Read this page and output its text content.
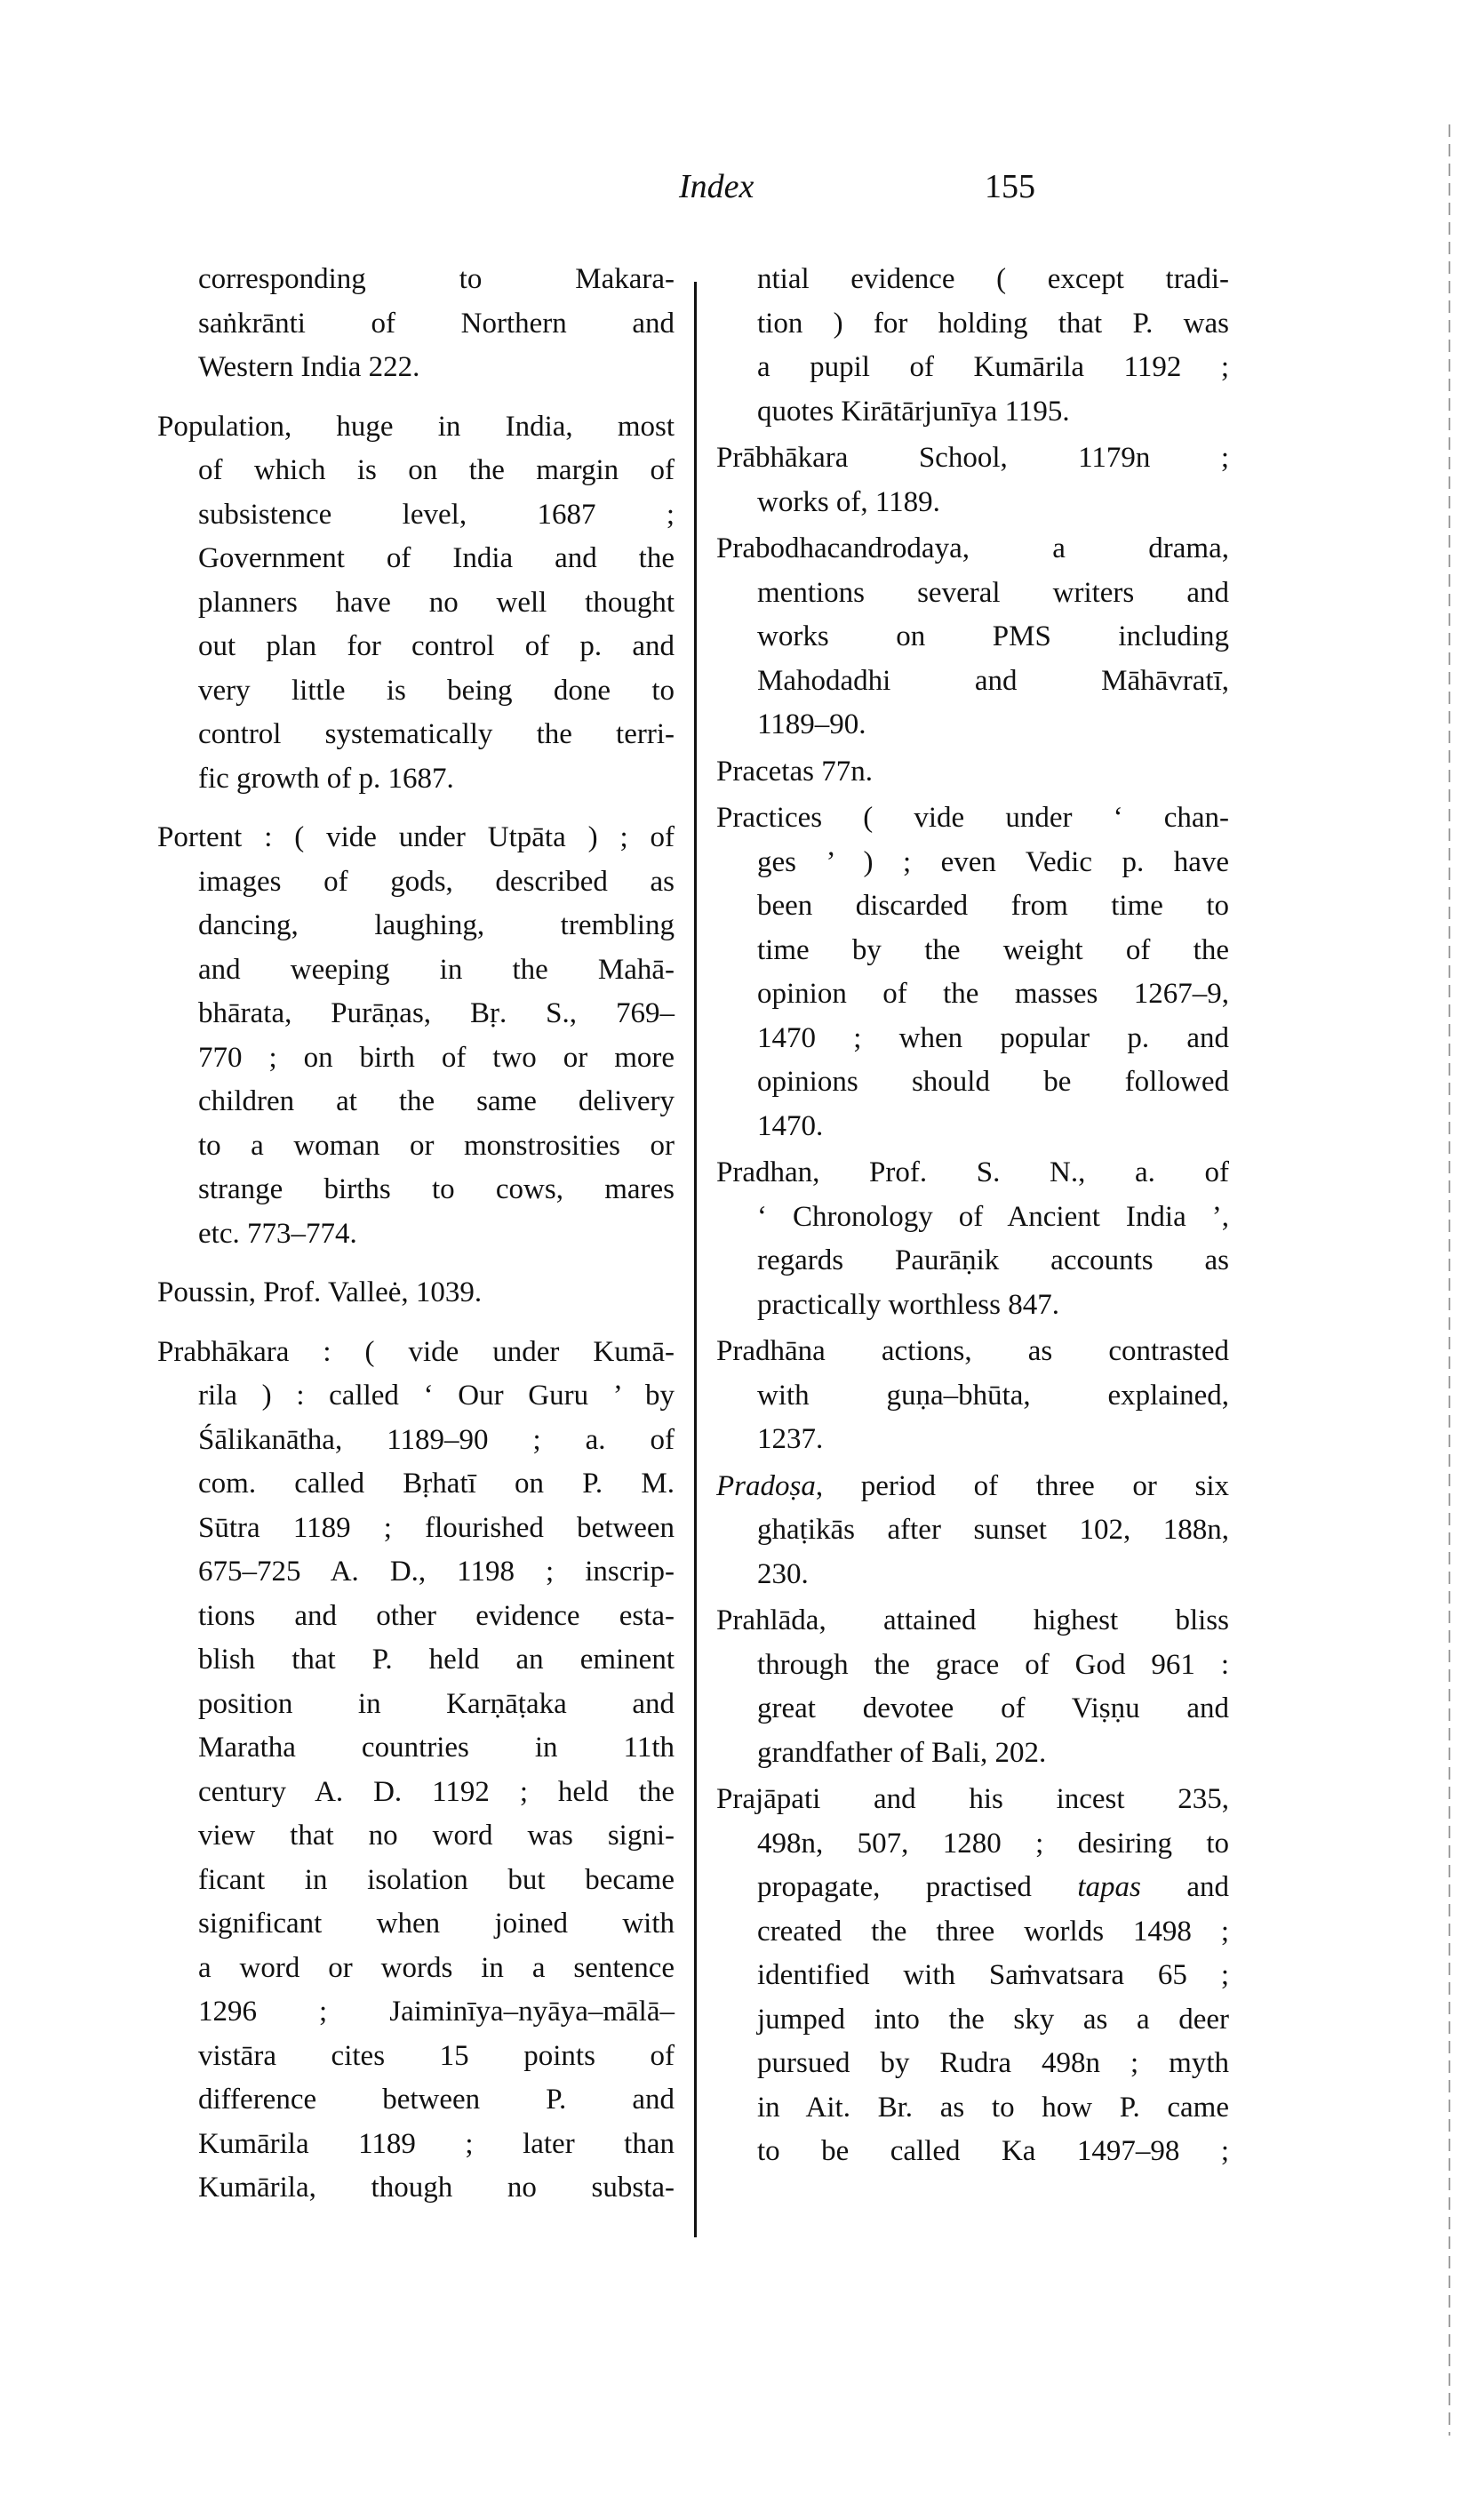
Index	155
corresponding to Makara-
saṅkrānti of Northern and
Western India 222.
Population, huge in India, most
of which is on the margin of
subsistence level, 1687 ;
Government of India and the
planners have no well thought
out plan for control of p. and
very little is being done to
control systematically the terri-
fic growth of p. 1687.
Portent : ( vide under Utpāta ) ; of
images of gods, described as
dancing, laughing, trembling
and weeping in the Mahā-
bhārata, Purāṇas, Bṛ. S., 769–
770 ; on birth of two or more
children at the same delivery
to a woman or monstrosities or
strange births to cows, mares
etc. 773–774.
Poussin, Prof. Valleė, 1039.
Prabhākara : ( vide under Kumā-
rila ) : called ‘ Our Guru ’ by
Śālikanātha, 1189–90 ; a. of
com. called Bṛhatī on P. M.
Sūtra 1189 ; flourished between
675–725 A. D., 1198 ; inscrip-
tions and other evidence esta-
blish that P. held an eminent
position in Karṇāṭaka and
Maratha countries in 11th
century A. D. 1192 ; held the
view that no word was signi-
ficant in isolation but became
significant when joined with
a word or words in a sentence
1296 ; Jaiminīya–nyāya–mālā–
vistāra cites 15 points of
difference between P. and
Kumārila 1189 ; later than
Kumārila, though no substa-
ntial evidence ( except tradi-
tion ) for holding that P. was
a pupil of Kumārila 1192 ;
quotes Kirātārjunīya 1195.
Prābhākara School, 1179n ;
works of, 1189.
Prabodhacandrodaya, a drama,
mentions several writers and
works on PMS including
Mahodadhi and Māhāvratī,
1189–90.
Pracetas 77n.
Practices ( vide under ‘ chan-
ges ’ ) ; even Vedic p. have
been discarded from time to
time by the weight of the
opinion of the masses 1267–9,
1470 ; when popular p. and
opinions should be followed
1470.
Pradhan, Prof. S. N., a. of
‘ Chronology of Ancient India ’,
regards Paurāṇik accounts as
practically worthless 847.
Pradhāna actions, as contrasted
with guṇa–bhūta, explained,
1237.
Pradoṣa, period of three or six
ghaṭikās after sunset 102, 188n,
230.
Prahlāda, attained highest bliss
through the grace of God 961 :
great devotee of Viṣṇu and
grandfather of Bali, 202.
Prajāpati and his incest 235,
498n, 507, 1280 ; desiring to
propagate, practised tapas and
created the three worlds 1498 ;
identified with Saṁvatsara 65 ;
jumped into the sky as a deer
pursued by Rudra 498n ; myth
in Ait. Br. as to how P. came
to be called Ka 1497–98 ;
